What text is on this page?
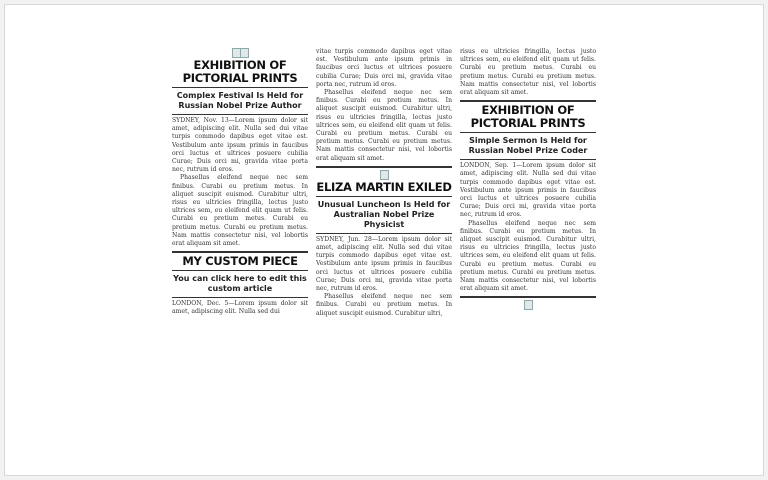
EXHIBITION OF PICTORIAL PRINTS
Complex Festival Is Held for Russian Nobel Prize Author

SYDNEY, Nov. 13—Lorem ipsum dolor sit amet, adipiscing elit. Nulla sed dui vitae turpis commodo dapibus eget vitae est. Vestibulum ante ipsum primis in faucibus orci luctus et ultrices posuere cubilia Curae; Duis orci mi, gravida vitae porta nec, rutrum id eros.

Phasellus eleifend neque nec sem finibus. Curabi eu pretium metus. In aliquet suscipit euismod. Curabitur ultri, risus eu ultricies fringilla, lectus justo ultrices sem, eu eleifend elit quam ut felis. Curabi eu pretium metus. Curabi eu pretium metus. Curabi eu pretium metus. Nam mattis consectetur nisi, vel lobortis erat aliquam sit amet.

MY CUSTOM PIECE
You can click here to edit this custom article

LONDON, Dec. 5—Lorem ipsum dolor sit amet, adipiscing elit. Nulla sed dui

vitae turpis commodo dapibus eget vitae est. Vestibulum ante ipsum primis in faucibus orci luctus et ultrices posuere cubilia Curae; Duis orci mi, gravida vitae porta nec, rutrum id eros.

Phasellus eleifend neque nec sem finibus. Curabi eu pretium metus. In aliquet suscipit euismod. Curabitur ultri, risus eu ultricies fringilla, lectus justo ultrices sem, eu eleifend elit quam ut felis. Curabi eu pretium metus. Curabi eu pretium metus. Curabi eu pretium metus. Nam mattis consectetur nisi, vel lobortis erat aliquam sit amet.

ELIZA MARTIN EXILED
Unusual Luncheon Is Held for Australian Nobel Prize Physicist

SYDNEY, Jun. 28—Lorem ipsum dolor sit amet, adipiscing elit. Nulla sed dui vitae turpis commodo dapibus eget vitae est. Vestibulum ante ipsum primis in faucibus orci luctus et ultrices posuere cubilia Curae; Duis orci mi, gravida vitae porta nec, rutrum id eros.

Phasellus eleifend neque nec sem finibus. Curabi eu pretium metus. In aliquet suscipit euismod. Curabitur ultri,

risus eu ultricies fringilla, lectus justo ultrices sem, eu eleifend elit quam ut felis. Curabi eu pretium metus. Curabi eu pretium metus. Curabi eu pretium metus. Nam mattis consectetur nisi, vel lobortis erat aliquam sit amet.

EXHIBITION OF PICTORIAL PRINTS
Simple Sermon Is Held for Russian Nobel Prize Coder

LONDON, Sep. 1—Lorem ipsum dolor sit amet, adipiscing elit. Nulla sed dui vitae turpis commodo dapibus eget vitae est. Vestibulum ante ipsum primis in faucibus orci luctus et ultrices posuere cubilia Curae; Duis orci mi, gravida vitae porta nec, rutrum id eros.

Phasellus eleifend neque nec sem finibus. Curabi eu pretium metus. In aliquet suscipit euismod. Curabitur ultri, risus eu ultricies fringilla, lectus justo ultrices sem, eu eleifend elit quam ut felis. Curabi eu pretium metus. Curabi eu pretium metus. Curabi eu pretium metus. Nam mattis consectetur nisi, vel lobortis erat aliquam sit amet.
